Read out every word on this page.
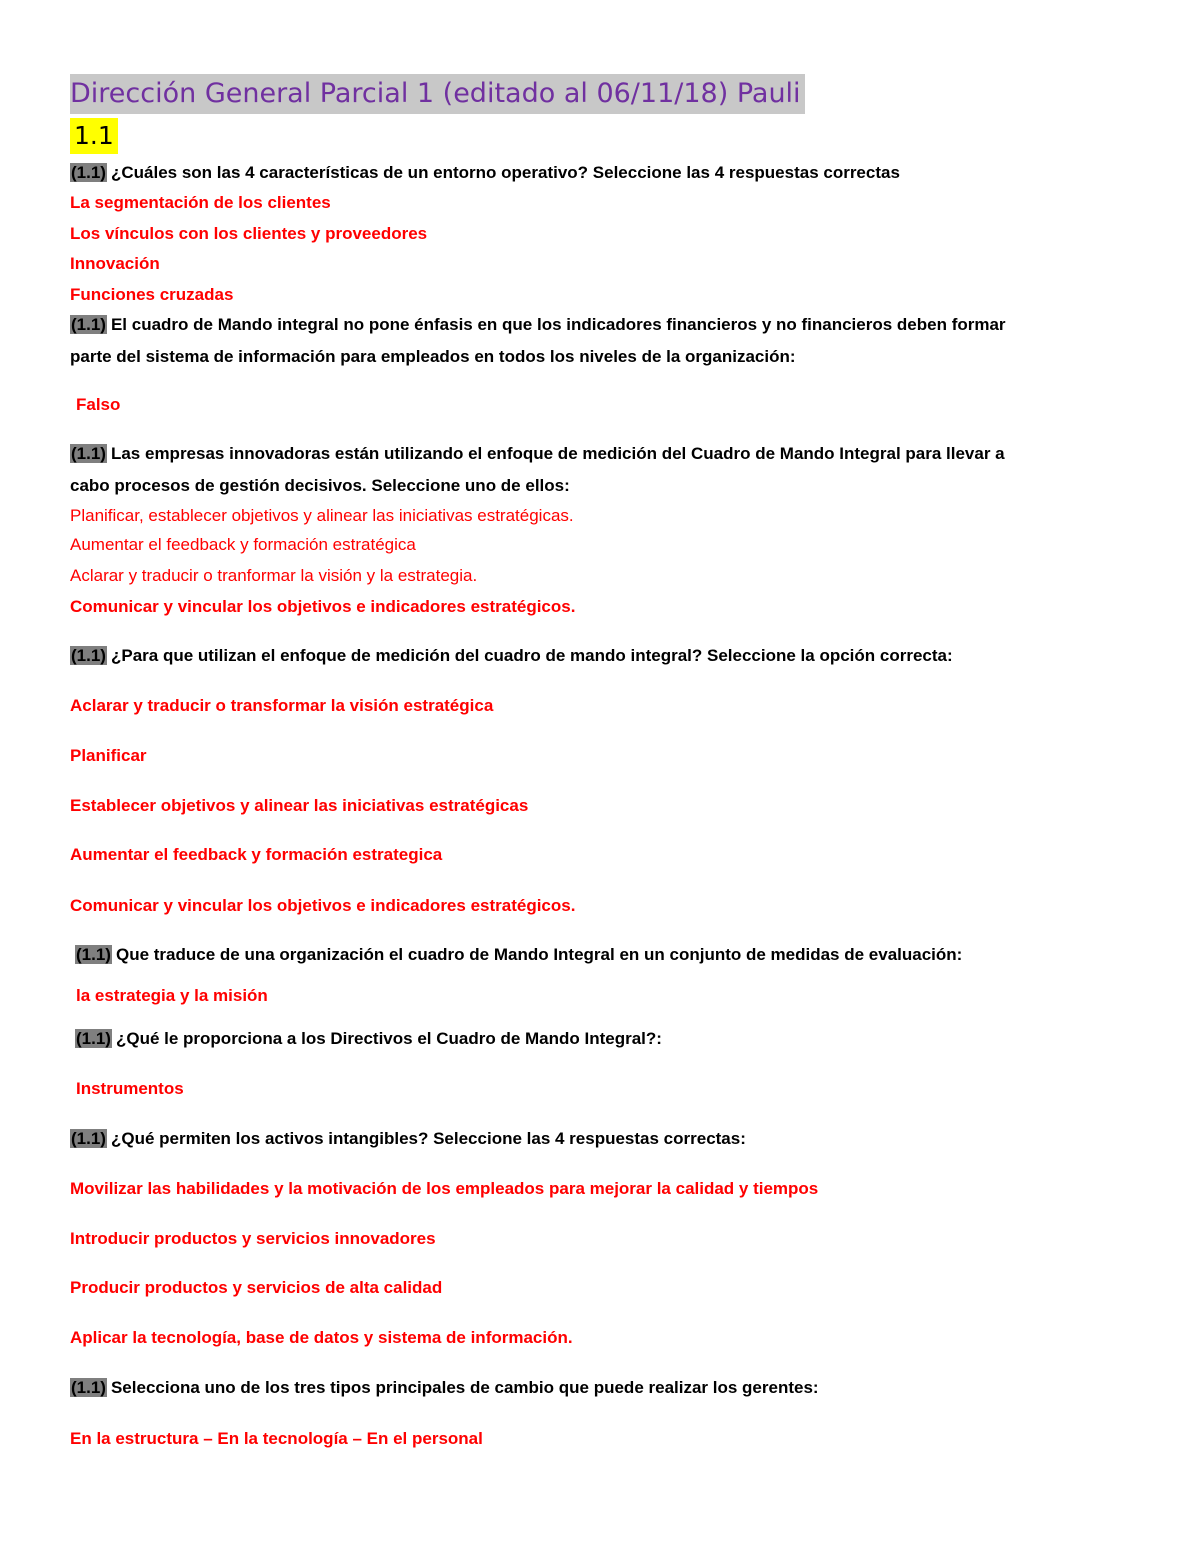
Dirección General Parcial 1 (editado al 06/11/18) Pauli
1.1
(1.1) ¿Cuáles son las 4 características de un entorno operativo? Seleccione las 4 respuestas correctas
La segmentación de los clientes
Los vínculos con los clientes y proveedores
Innovación
Funciones cruzadas
(1.1) El cuadro de Mando integral no pone énfasis en que los indicadores financieros y no financieros deben formar
parte del sistema de información para empleados en todos los niveles de la organización:
Falso
(1.1) Las empresas innovadoras están utilizando el enfoque de medición del Cuadro de Mando Integral para llevar a
cabo procesos de gestión decisivos. Seleccione uno de ellos:
Planificar, establecer objetivos y alinear las iniciativas estratégicas.
Aumentar el feedback y formación estratégica
Aclarar y traducir o tranformar la visión y la estrategia.
Comunicar y vincular los objetivos e indicadores estratégicos.
(1.1) ¿Para que utilizan el enfoque de medición del cuadro de mando integral? Seleccione la opción correcta:
Aclarar y traducir o transformar la visión estratégica
Planificar
Establecer objetivos y alinear las iniciativas estratégicas
Aumentar el feedback y formación estrategica
Comunicar y vincular los objetivos e indicadores estratégicos.
(1.1) Que traduce de una organización el cuadro de Mando Integral en un conjunto de medidas de evaluación:
la estrategia y la misión
(1.1) ¿Qué le proporciona a los Directivos el Cuadro de Mando Integral?:
Instrumentos
(1.1) ¿Qué permiten los activos intangibles? Seleccione las 4 respuestas correctas:
Movilizar las habilidades y la motivación de los empleados para mejorar la calidad y tiempos
Introducir productos y servicios innovadores
Producir productos y servicios de alta calidad
Aplicar la tecnología, base de datos y sistema de información.
(1.1) Selecciona uno de los tres tipos principales de cambio que puede realizar los gerentes:
En la estructura – En la tecnología – En el personal
